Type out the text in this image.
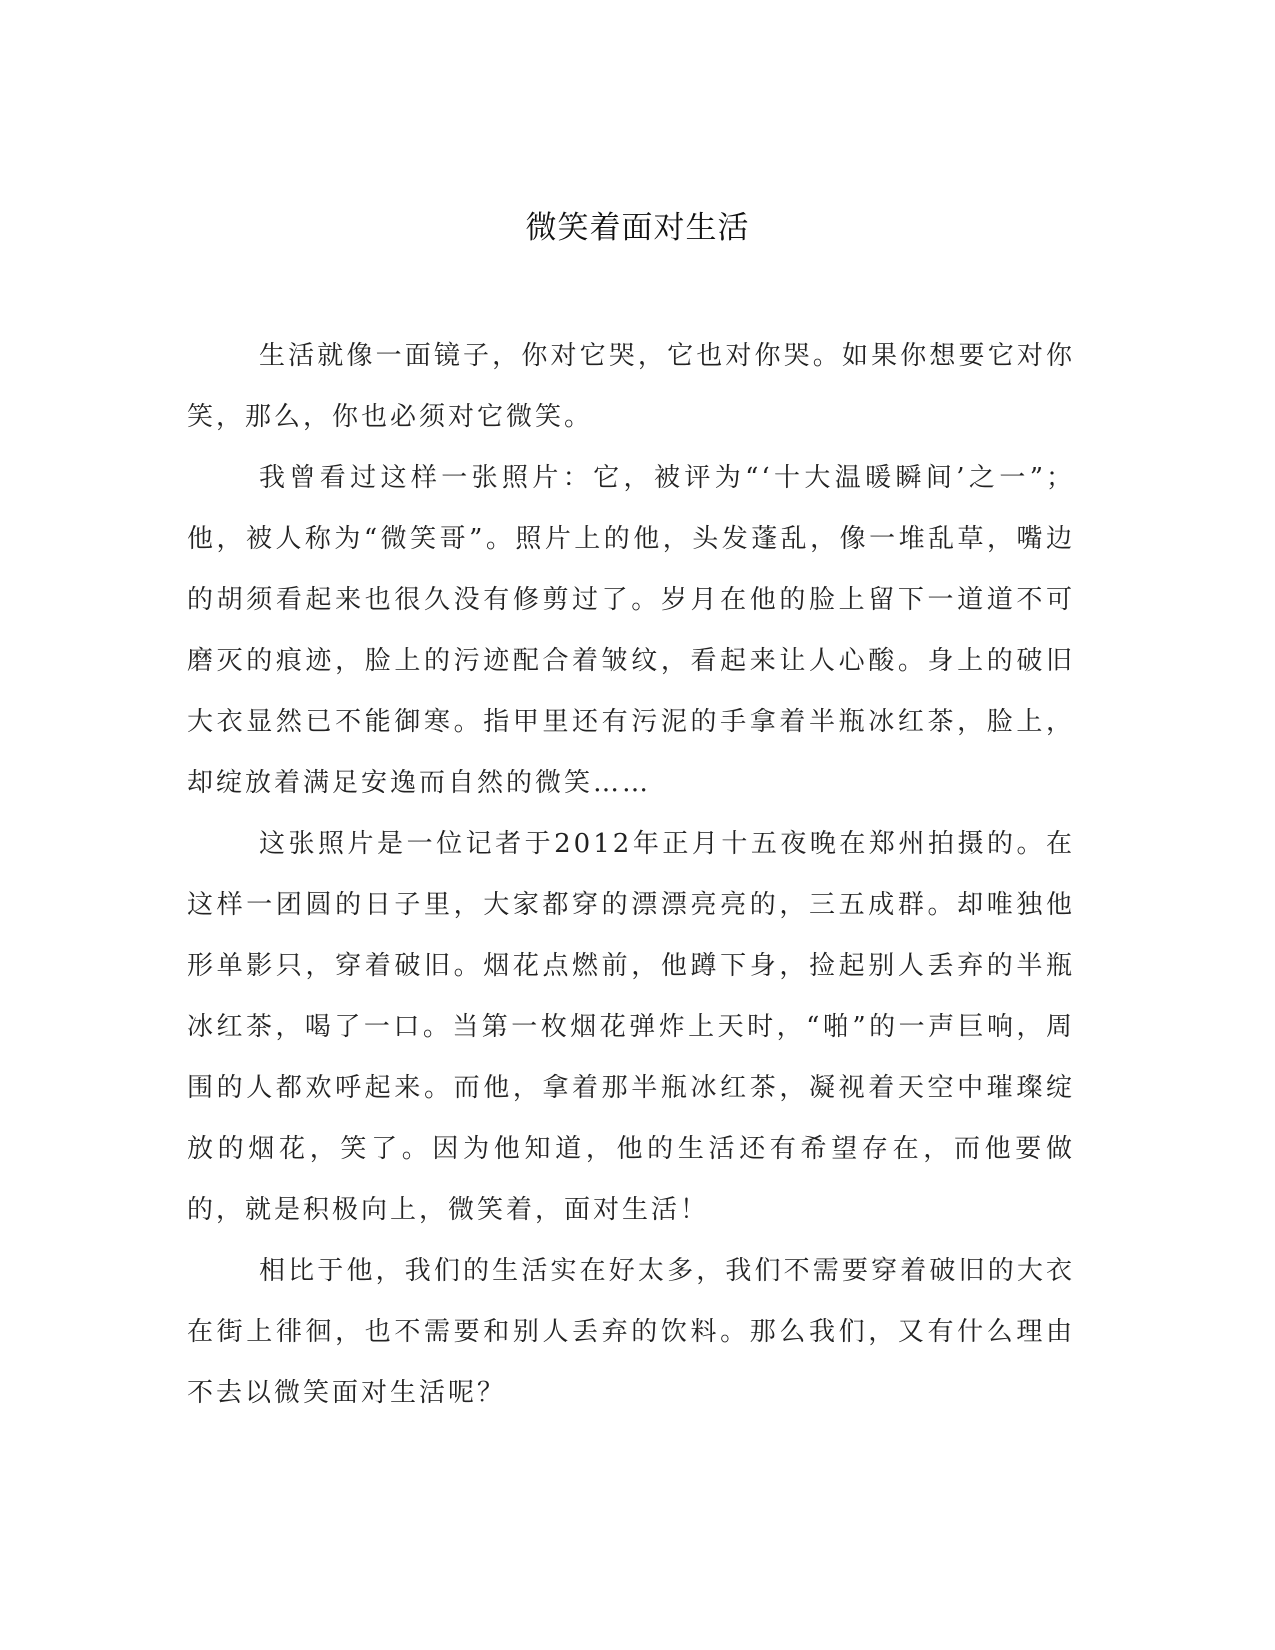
微笑着面对生活

生活就像一面镜子，你对它哭，它也对你哭。如果你想要它对你笑，那么，你也必须对它微笑。

我曾看过这样一张照片：它，被评为“‘十大温暖瞬间’之一”；他，被人称为“微笑哥”。照片上的他，头发蓬乱，像一堆乱草，嘴边的胡须看起来也很久没有修剪过了。岁月在他的脸上留下一道道不可磨灭的痕迹，脸上的污迹配合着皱纹，看起来让人心酸。身上的破旧大衣显然已不能御寒。指甲里还有污泥的手拿着半瓶冰红茶，脸上，却绽放着满足安逸而自然的微笑……

这张照片是一位记者于2012年正月十五夜晚在郑州拍摄的。在这样一团圆的日子里，大家都穿的漂漂亮亮的，三五成群。却唯独他形单影只，穿着破旧。烟花点燃前，他蹲下身，捡起别人丢弃的半瓶冰红茶，喝了一口。当第一枚烟花弹炸上天时，“啪”的一声巨响，周围的人都欢呼起来。而他，拿着那半瓶冰红茶，凝视着天空中璀璨绽放的烟花，笑了。因为他知道，他的生活还有希望存在，而他要做的，就是积极向上，微笑着，面对生活！

相比于他，我们的生活实在好太多，我们不需要穿着破旧的大衣在街上徘徊，也不需要和别人丢弃的饮料。那么我们，又有什么理由不去以微笑面对生活呢？
